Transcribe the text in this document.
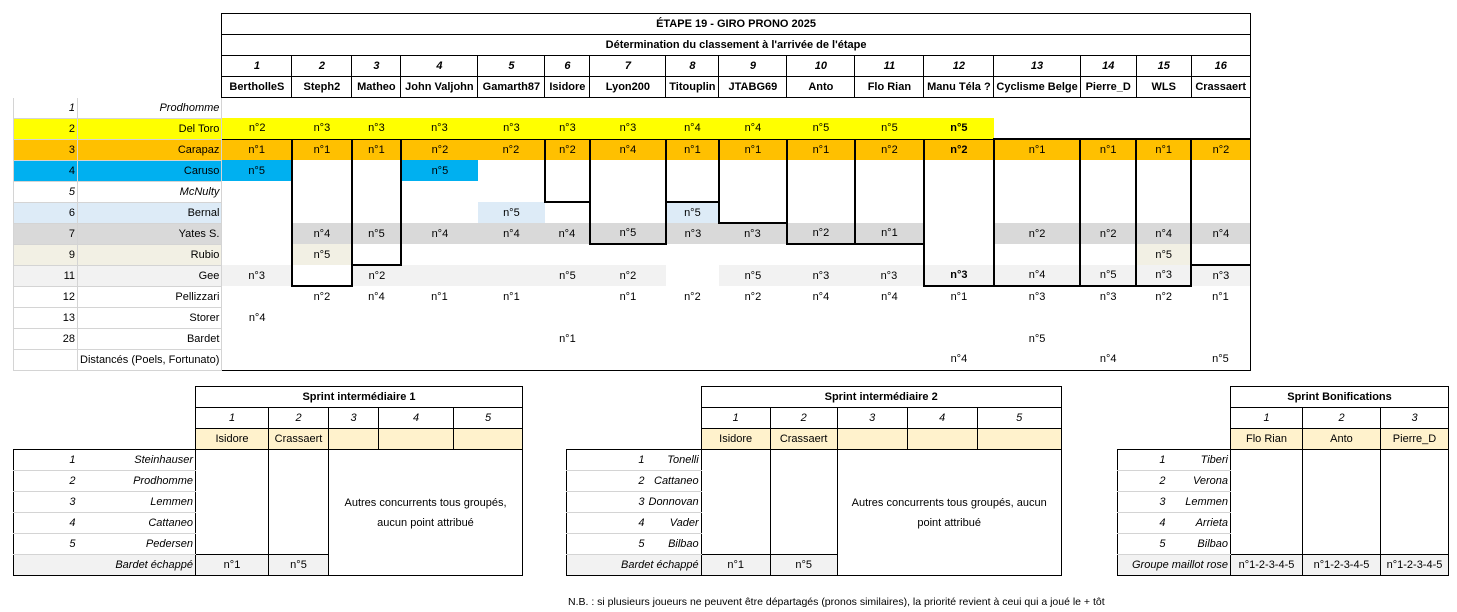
		ÉTAPE 19 - GIRO PRONO 2025															
		Détermination du classement à l'arrivée de l'étape															
		1	2	3	4	5	6	7	8	9	10	11	12	13	14	15	16
		BertholleS	Steph2	Matheo	John Valjohn	Gamarth87	Isidore	Lyon200	Titouplin	JTABG69	Anto	Flo Rian	Manu Téla ?	Cyclisme Belge	Pierre_D	WLS	Crassaert
1	Prodhomme																
2	Del Toro	n°2	n°3	n°3	n°3	n°3	n°3	n°3	n°4	n°4	n°5	n°5	n°5				
3	Carapaz	n°1	n°1	n°1	n°2	n°2	n°2	n°4	n°1	n°1	n°1	n°2	n°2	n°1	n°1	n°1	n°2
4	Caruso	n°5			n°5												
5	McNulty																
6	Bernal					n°5			n°5								
7	Yates S.		n°4	n°5	n°4	n°4	n°4	n°5	n°3	n°3	n°2	n°1		n°2	n°2	n°4	n°4
9	Rubio		n°5													n°5	
11	Gee	n°3		n°2			n°5	n°2		n°5	n°3	n°3	n°3	n°4	n°5	n°3	n°3
12	Pellizzari		n°2	n°4	n°1	n°1		n°1	n°2	n°2	n°4	n°4	n°1	n°3	n°3	n°2	n°1
13	Storer	n°4															
28	Bardet						n°1							n°5			
	Distancés (Poels, Fortunato)												n°4		n°4		n°5
		Sprint intermédiaire 1				
		1	2	3	4	5
		Isidore	Crassaert			
1	Steinhauser			Autres concurrents tous groupés, aucun point attribué		
2	Prodhomme					
3	Lemmen					
4	Cattaneo					
5	Pedersen					
Bardet échappé		n°1	n°5			
		Sprint intermédiaire 2				
		1	2	3	4	5
		Isidore	Crassaert			
1	Tonelli			Autres concurrents tous groupés, aucun point attribué		
2	Cattaneo					
3	Donnovan					
4	Vader					
5	Bilbao					
Bardet échappé		n°1	n°5			
		Sprint Bonifications		
		1	2	3
		Flo Rian	Anto	Pierre_D
1	Tiberi			
2	Verona			
3	Lemmen			
4	Arrieta			
5	Bilbao			
Groupe maillot rose		n°1-2-3-4-5	n°1-2-3-4-5	n°1-2-3-4-5
N.B. : si plusieurs joueurs ne peuvent être départagés (pronos similaires), la priorité revient à ceui qui a joué le + tôt
